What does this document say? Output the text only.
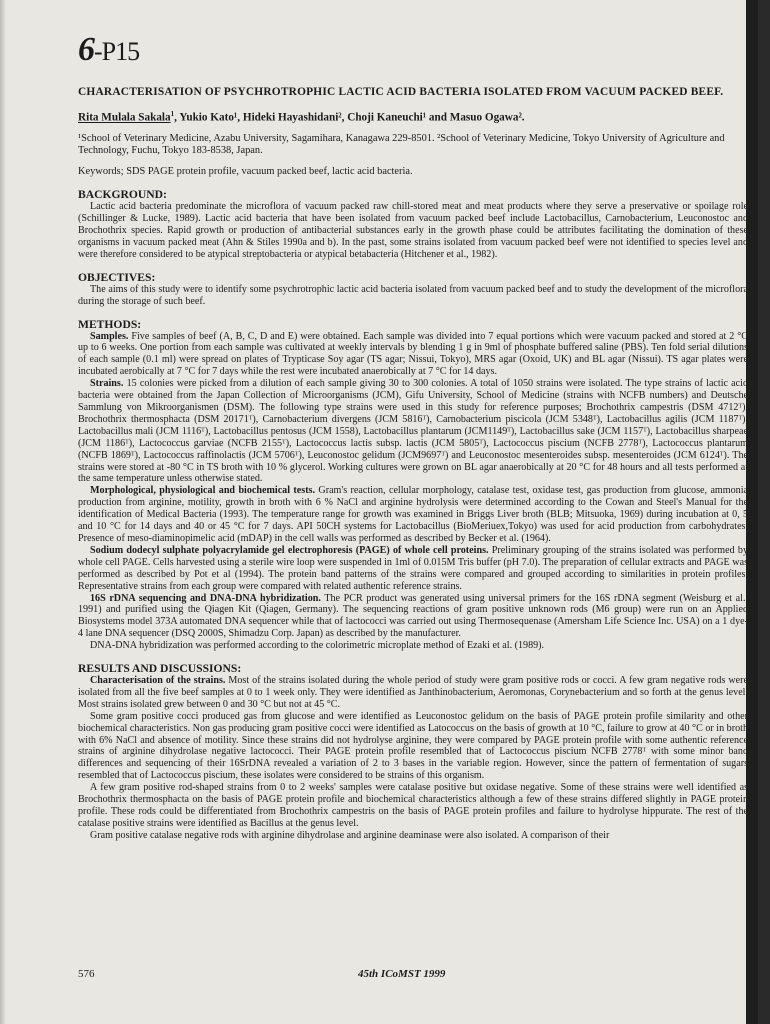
6-P15
CHARACTERISATION OF PSYCHROTROPHIC LACTIC ACID BACTERIA ISOLATED FROM VACUUM PACKED BEEF.
Rita Mulala Sakala$^1$, Yukio Kato¹, Hideki Hayashidani², Choji Kaneuchi¹ and Masuo Ogawa².
¹School of Veterinary Medicine, Azabu University, Sagamihara, Kanagawa 229-8501. ²School of Veterinary Medicine, Tokyo University of Agriculture and Technology, Fuchu, Tokyo 183-8538, Japan.
Keywords; SDS PAGE protein profile, vacuum packed beef, lactic acid bacteria.
BACKGROUND:

Lactic acid bacteria predominate the microflora of vacuum packed raw chill-stored meat and meat products where they serve a preservative or spoilage role (Schillinger & Lucke, 1989). Lactic acid bacteria that have been isolated from vacuum packed beef include Lactobacillus, Carnobacterium, Leuconostoc and Brochothrix species. Rapid growth or production of antibacterial substances early in the growth phase could be attributes facilitating the domination of these organisms in vacuum packed meat (Ahn & Stiles 1990a and b). In the past, some strains isolated from vacuum packed beef were not identified to species level and were therefore considered to be atypical streptobacteria or atypical betabacteria (Hitchener et al., 1982).

OBJECTIVES:

The aims of this study were to identify some psychrotrophic lactic acid bacteria isolated from vacuum packed beef and to study the development of the microflora during the storage of such beef.

METHODS:

Samples. Five samples of beef (A, B, C, D and E) were obtained. Each sample was divided into 7 equal portions which were vacuum packed and stored at 2 °C up to 6 weeks. One portion from each sample was cultivated at weekly intervals by blending 1 g in 9ml of phosphate buffered saline (PBS). Ten fold serial dilutions of each sample (0.1 ml) were spread on plates of Trypticase Soy agar (TS agar; Nissui, Tokyo), MRS agar (Oxoid, UK) and BL agar (Nissui). TS agar plates were incubated aerobically at 7 °C for 7 days while the rest were incubated anaerobically at 7 °C for 14 days.

Strains. 15 colonies were picked from a dilution of each sample giving 30 to 300 colonies. A total of 1050 strains were isolated. The type strains of lactic acid bacteria were obtained from the Japan Collection of Microorganisms (JCM), Gifu University, School of Medicine (strains with NCFB numbers) and Deutsche Sammlung von Mikroorganismen (DSM). The following type strains were used in this study for reference purposes; Brochothrix campestris (DSM 4712ᵀ), Brochothrix thermosphacta (DSM 20171ᵀ), Carnobacterium divergens (JCM 5816ᵀ), Carnobacterium piscicola (JCM 5348ᵀ), Lactobacillus agilis (JCM 1187ᵀ), Lactobacillus mali (JCM 1116ᵀ), Lactobacillus pentosus (JCM 1558), Lactobacillus plantarum (JCM1149ᵀ), Lactobacillus sake (JCM 1157ᵀ), Lactobacillus sharpeae (JCM 1186ᵀ), Lactococcus garviae (NCFB 2155ᵀ), Lactococcus lactis subsp. lactis (JCM 5805ᵀ), Lactococcus piscium (NCFB 2778ᵀ), Lactococcus plantarum (NCFB 1869ᵀ), Lactococcus raffinolactis (JCM 5706ᵀ), Leuconostoc gelidum (JCM9697ᵀ) and Leuconostoc mesenteroides subsp. mesenteroides (JCM 6124ᵀ). The strains were stored at -80 °C in TS broth with 10 % glycerol. Working cultures were grown on BL agar anaerobically at 20 °C for 48 hours and all tests performed at the same temperature unless otherwise stated.

Morphological, physiological and biochemical tests. Gram's reaction, cellular morphology, catalase test, oxidase test, gas production from glucose, ammonia production from arginine, motility, growth in broth with 6 % NaCl and arginine hydrolysis were determined according to the Cowan and Steel's Manual for the identification of Medical Bacteria (1993). The temperature range for growth was examined in Briggs Liver broth (BLB; Mitsuoka, 1969) during incubation at 0, 5 and 10 °C for 14 days and 40 or 45 °C for 7 days. API 50CH systems for Lactobacillus (BioMeriuex,Tokyo) was used for acid production from carbohydrates. Presence of meso-diaminopimelic acid (mDAP) in the cell walls was performed as described by Becker et al. (1964).

Sodium dodecyl sulphate polyacrylamide gel electrophoresis (PAGE) of whole cell proteins. Preliminary grouping of the strains isolated was performed by whole cell PAGE. Cells harvested using a sterile wire loop were suspended in 1ml of 0.015M Tris buffer (pH 7.0). The preparation of cellular extracts and PAGE was performed as described by Pot et al (1994). The protein band patterns of the strains were compared and grouped according to similarities in protein profiles. Representative strains from each group were compared with related authentic reference strains.

16S rDNA sequencing and DNA-DNA hybridization. The PCR product was generated using universal primers for the 16S rDNA segment (Weisburg et al., 1991) and purified using the Qiagen Kit (Qiagen, Germany). The sequencing reactions of gram positive unknown rods (M6 group) were run on an Applied Biosystems model 373A automated DNA sequencer while that of lactococci was carried out using Thermosequenase (Amersham Life Science Inc. USA) on a 1 dye-4 lane DNA sequencer (DSQ 2000S, Shimadzu Corp. Japan) as described by the manufacturer.

DNA-DNA hybridization was performed according to the colorimetric microplate method of Ezaki et al. (1989).

RESULTS AND DISCUSSIONS:

Characterisation of the strains. Most of the strains isolated during the whole period of study were gram positive rods or cocci. A few gram negative rods were isolated from all the five beef samples at 0 to 1 week only. They were identified as Janthinobacterium, Aeromonas, Corynebacterium and so forth at the genus level. Most strains isolated grew between 0 and 30 °C but not at 45 °C.

Some gram positive cocci produced gas from glucose and were identified as Leuconostoc gelidum on the basis of PAGE protein profile similarity and other biochemical characteristics. Non gas producing gram positive cocci were identified as Latococcus on the basis of growth at 10 °C, failure to grow at 40 °C or in broth with 6% NaCl and absence of motility. Since these strains did not hydrolyse arginine, they were compared by PAGE protein profile with some authentic reference strains of arginine dihydrolase negative lactococci. Their PAGE protein profile resembled that of Lactococcus piscium NCFB 2778ᵀ with some minor band differences and sequencing of their 16SrDNA revealed a variation of 2 to 3 bases in the variable region. However, since the pattern of fermentation of sugars resembled that of Lactococcus piscium, these isolates were considered to be strains of this organism.

A few gram positive rod-shaped strains from 0 to 2 weeks' samples were catalase positive but oxidase negative. Some of these strains were well identified as Brochothrix thermosphacta on the basis of PAGE protein profile and biochemical characteristics although a few of these strains differed slightly in PAGE protein profile. These rods could be differentiated from Brochothrix campestris on the basis of PAGE protein profiles and failure to hydrolyse hippurate. The rest of the catalase positive strains were identified as Bacillus at the genus level.

Gram positive catalase negative rods with arginine dihydrolase and arginine deaminase were also isolated. A comparison of their

576	45th ICoMST 1999
